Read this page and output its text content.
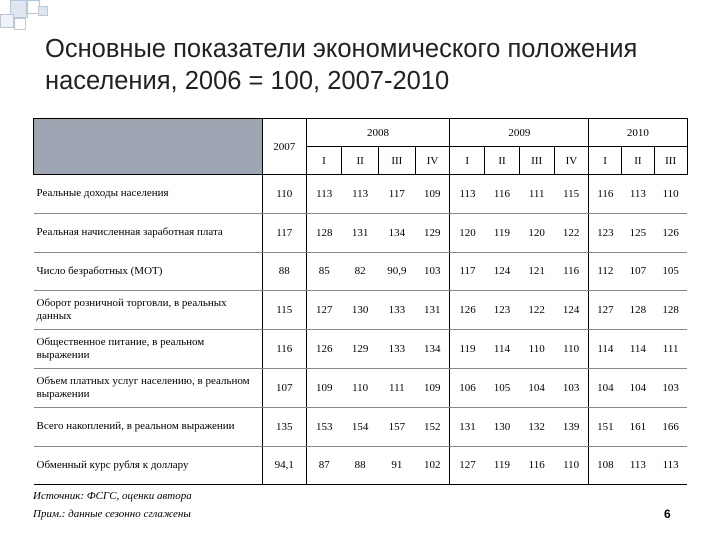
Основные показатели экономического положения населения, 2006 = 100, 2007-2010
	2007	2008				2009				2010		
		I	II	III	IV	I	II	III	IV	I	II	III
Реальные доходы населения	110	113	113	117	109	113	116	111	115	116	113	110
Реальная начисленная заработная плата	117	128	131	134	129	120	119	120	122	123	125	126
Число безработных (МОТ)	88	85	82	90,9	103	117	124	121	116	112	107	105
Оборот розничной торговли, в реальных данных	115	127	130	133	131	126	123	122	124	127	128	128
Общественное питание, в реальном выражении	116	126	129	133	134	119	114	110	110	114	114	111
Объем платных услуг населению, в реальном выражении	107	109	110	111	109	106	105	104	103	104	104	103
Всего накоплений, в реальном выражении	135	153	154	157	152	131	130	132	139	151	161	166
Обменный курс рубля к доллару	94,1	87	88	91	102	127	119	116	110	108	113	113
Источник: ФСГС, оценки автора
Прим.: данные сезонно сглажены	6
